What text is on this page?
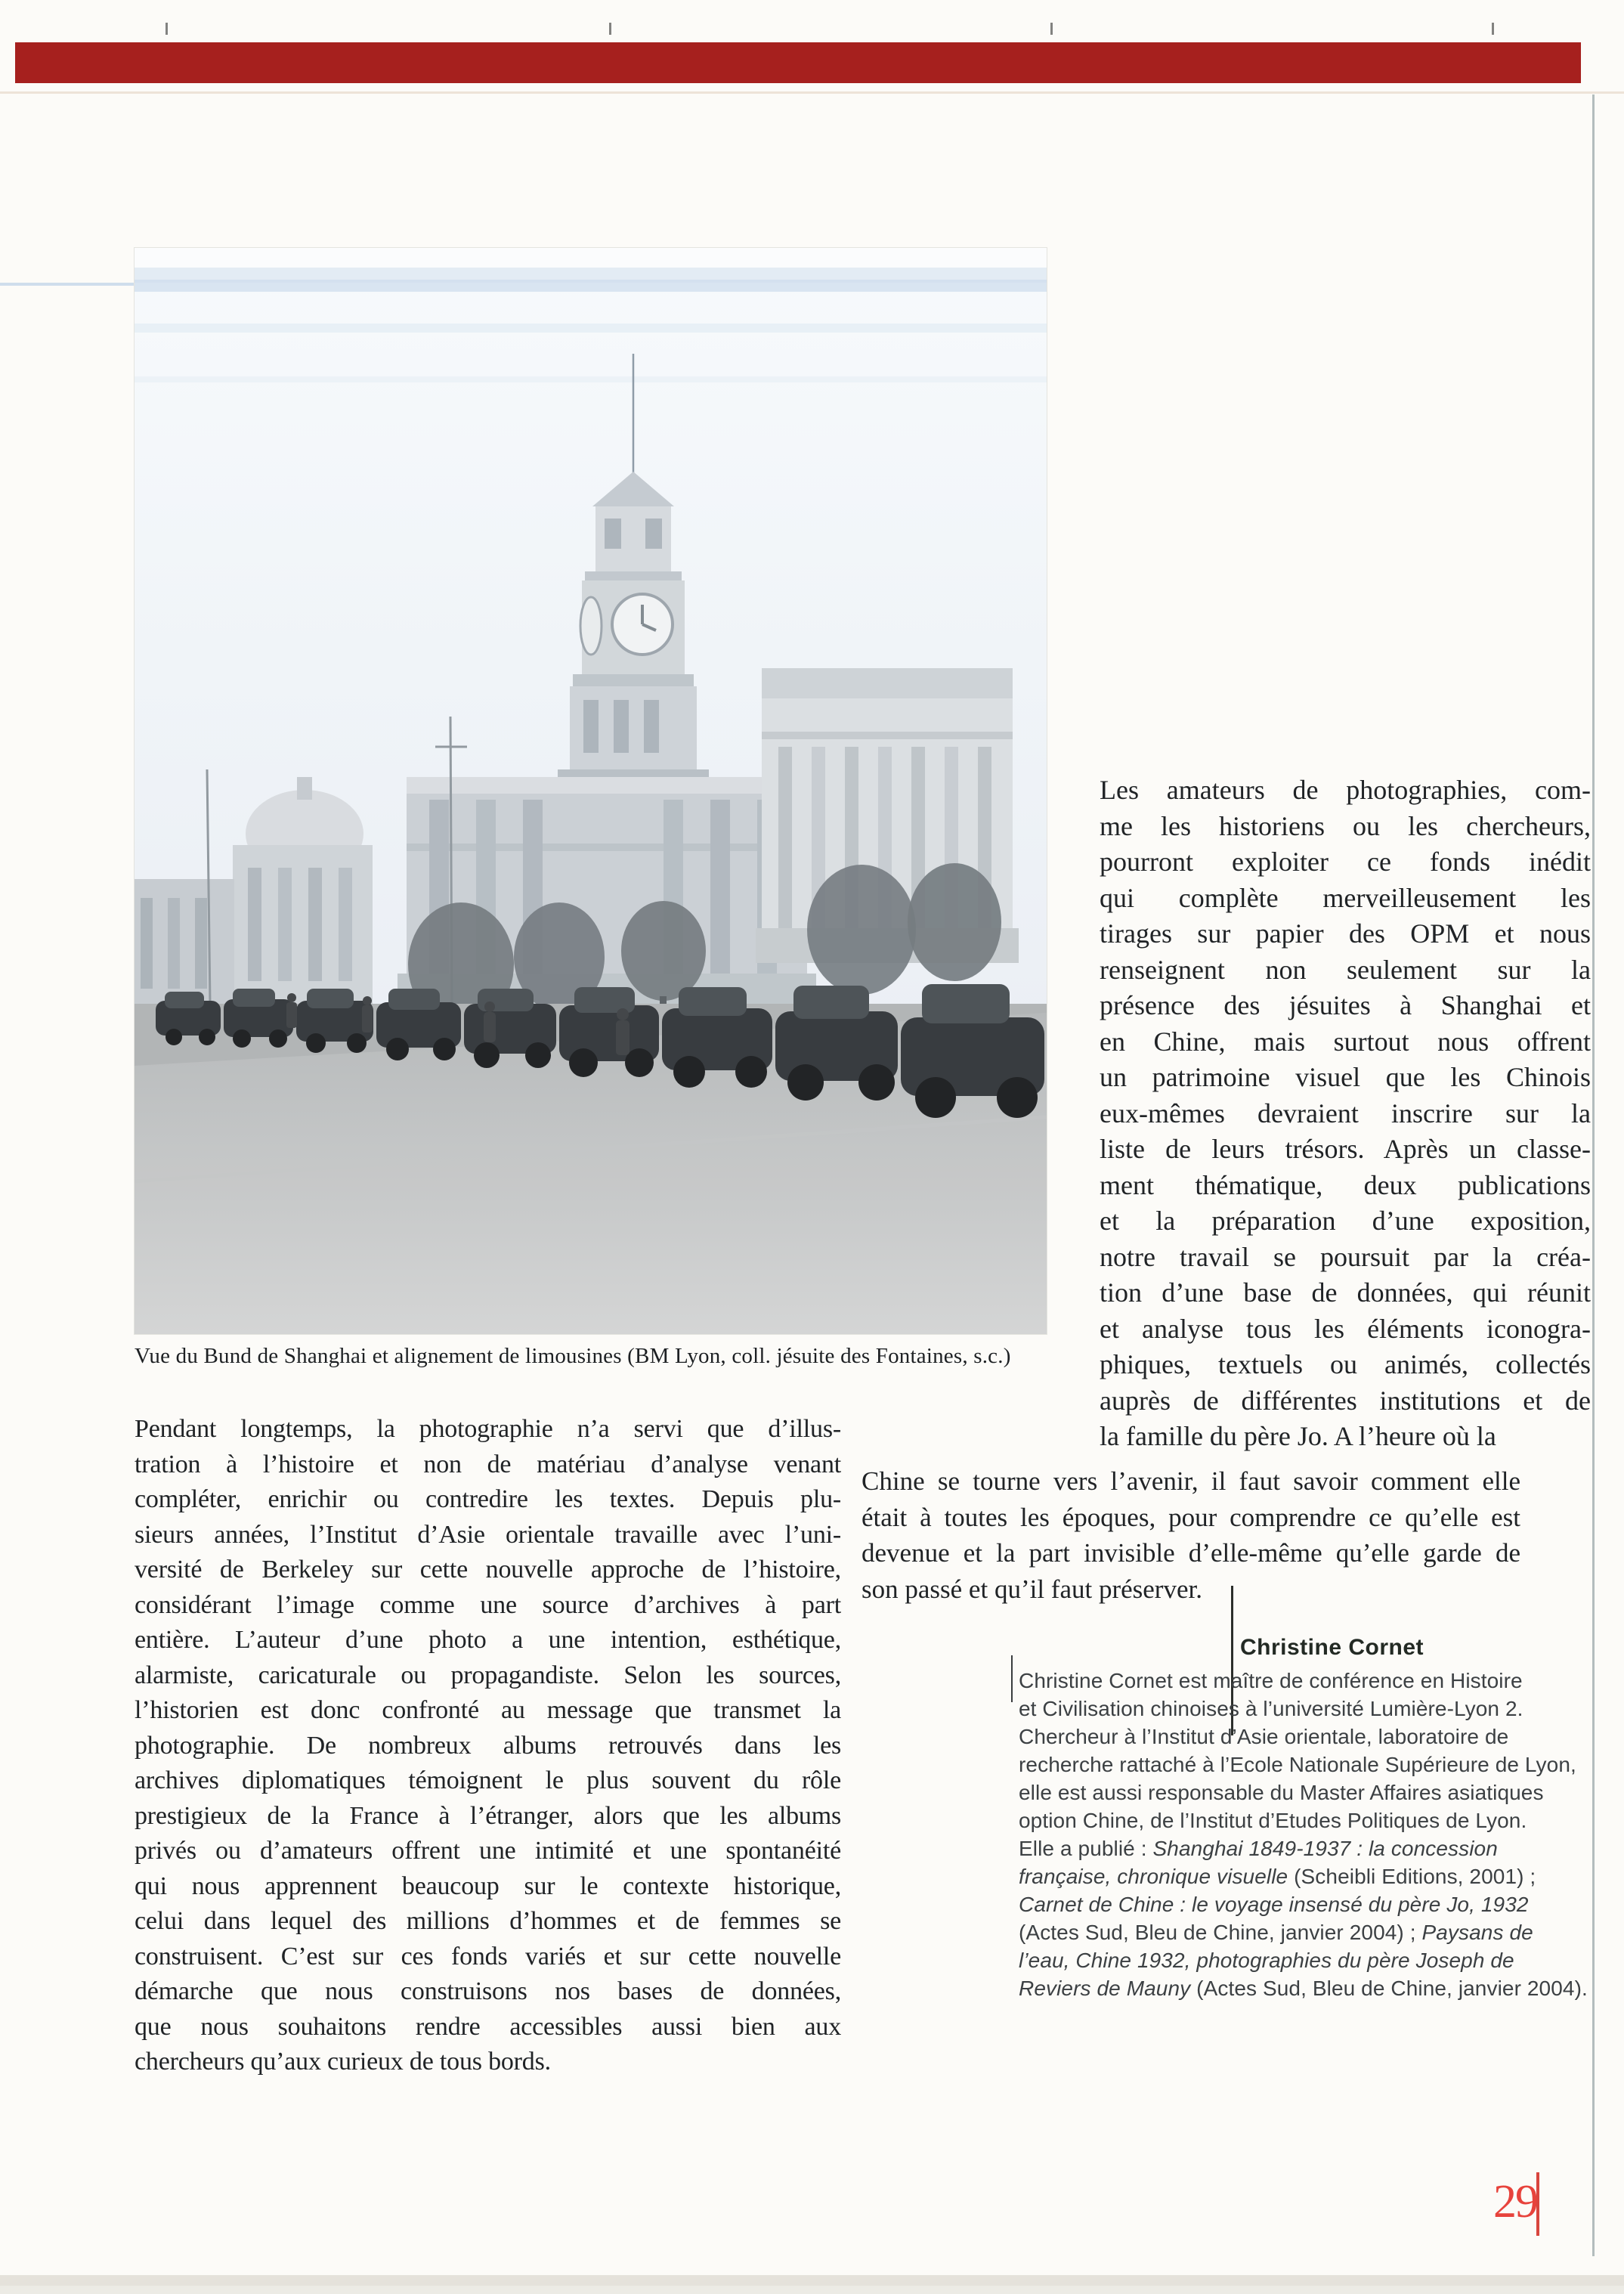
Vue du Bund de Shanghai et alignement de limousines (BM Lyon, coll. jésuite des Fontaines, s.c.)
Pendant longtemps, la photographie n’a servi que d’illus-
tration à l’histoire et non de matériau d’analyse venant
compléter, enrichir ou contredire les textes. Depuis plu-
sieurs années, l’Institut d’Asie orientale travaille avec l’uni-
versité de Berkeley sur cette nouvelle approche de l’histoire,
considérant l’image comme une source d’archives à part
entière. L’auteur d’une photo a une intention, esthétique,
alarmiste, caricaturale ou propagandiste. Selon les sources,
l’historien est donc confronté au message que transmet la
photographie. De nombreux albums retrouvés dans les
archives diplomatiques témoignent le plus souvent du rôle
prestigieux de la France à l’étranger, alors que les albums
privés ou d’amateurs offrent une intimité et une spontanéité
qui nous apprennent beaucoup sur le contexte historique,
celui dans lequel des millions d’hommes et de femmes se
construisent. C’est sur ces fonds variés et sur cette nouvelle
démarche que nous construisons nos bases de données,
que nous souhaitons rendre accessibles aussi bien aux
chercheurs qu’aux curieux de tous bords.
Les amateurs de photographies, com-
me les historiens ou les chercheurs,
pourront exploiter ce fonds inédit
qui complète merveilleusement les
tirages sur papier des OPM et nous
renseignent non seulement sur la
présence des jésuites à Shanghai et
en Chine, mais surtout nous offrent
un patrimoine visuel que les Chinois
eux-mêmes devraient inscrire sur la
liste de leurs trésors. Après un classe-
ment thématique, deux publications
et la préparation d’une exposition,
notre travail se poursuit par la créa-
tion d’une base de données, qui réunit
et analyse tous les éléments iconogra-
phiques, textuels ou animés, collectés
auprès de différentes institutions et de
la famille du père Jo. A l’heure où la
Chine se tourne vers l’avenir, il faut savoir comment elle
était à toutes les époques, pour comprendre ce qu’elle est
devenue et la part invisible d’elle-même qu’elle garde de
son passé et qu’il faut préserver.
Christine Cornet
Christine Cornet est maître de conférence en Histoire
et Civilisation chinoises à l’université Lumière-Lyon 2.
Chercheur à l’Institut d’Asie orientale, laboratoire de
recherche rattaché à l’Ecole Nationale Supérieure de Lyon,
elle est aussi responsable du Master Affaires asiatiques
option Chine, de l’Institut d’Etudes Politiques de Lyon.
Elle a publié : Shanghai 1849-1937 : la concession
française, chronique visuelle (Scheibli Editions, 2001) ;
Carnet de Chine : le voyage insensé du père Jo, 1932
(Actes Sud, Bleu de Chine, janvier 2004) ; Paysans de
l’eau, Chine 1932, photographies du père Joseph de
Reviers de Mauny (Actes Sud, Bleu de Chine, janvier 2004).
29
